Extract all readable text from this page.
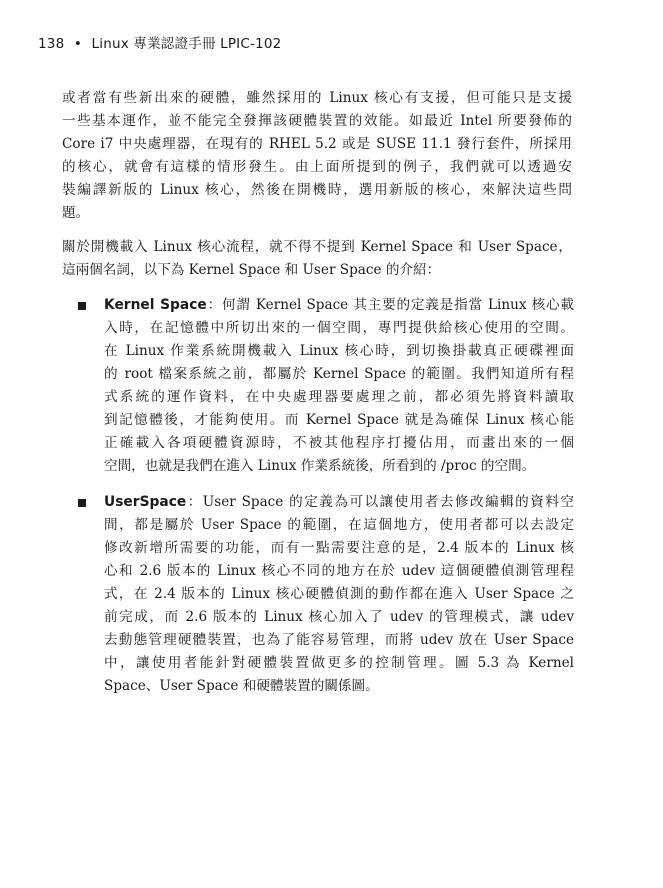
138 • Linux 專業認證手冊 LPIC-102
或者當有些新出來的硬體，雖然採用的 Linux 核心有支援，但可能只是支援
一些基本運作，並不能完全發揮該硬體裝置的效能。如最近 Intel 所要發佈的
Core i7 中央處理器，在現有的 RHEL 5.2 或是 SUSE 11.1 發行套件，所採用
的核心，就會有這樣的情形發生。由上面所提到的例子，我們就可以透過安
裝編譯新版的 Linux 核心，然後在開機時，選用新版的核心，來解決這些問
題。
關於開機載入 Linux 核心流程，就不得不提到 Kernel Space 和 User Space，
這兩個名詞，以下為 Kernel Space 和 User Space 的介紹：
Kernel Space：何謂 Kernel Space 其主要的定義是指當 Linux 核心載
入時，在記憶體中所切出來的一個空間，專門提供給核心使用的空間。
在 Linux 作業系統開機載入 Linux 核心時，到切換掛載真正硬碟裡面
的 root 檔案系統之前，都屬於 Kernel Space 的範圍。我們知道所有程
式系統的運作資料，在中央處理器要處理之前，都必須先將資料讀取
到記憶體後，才能夠使用。而 Kernel Space 就是為確保 Linux 核心能
正確載入各項硬體資源時，不被其他程序打擾佔用，而畫出來的一個
空間，也就是我們在進入 Linux 作業系統後，所看到的 /proc 的空間。
UserSpace：User Space 的定義為可以讓使用者去修改編輯的資料空
間，都是屬於 User Space 的範圍，在這個地方，使用者都可以去設定
修改新增所需要的功能，而有一點需要注意的是，2.4 版本的 Linux 核
心和 2.6 版本的 Linux 核心不同的地方在於 udev 這個硬體偵測管理程
式，在 2.4 版本的 Linux 核心硬體偵測的動作都在進入 User Space 之
前完成，而 2.6 版本的 Linux 核心加入了 udev 的管理模式，讓 udev
去動態管理硬體裝置，也為了能容易管理，而將 udev 放在 User Space
中，讓使用者能針對硬體裝置做更多的控制管理。圖 5.3 為 Kernel
Space、User Space 和硬體裝置的關係圖。
